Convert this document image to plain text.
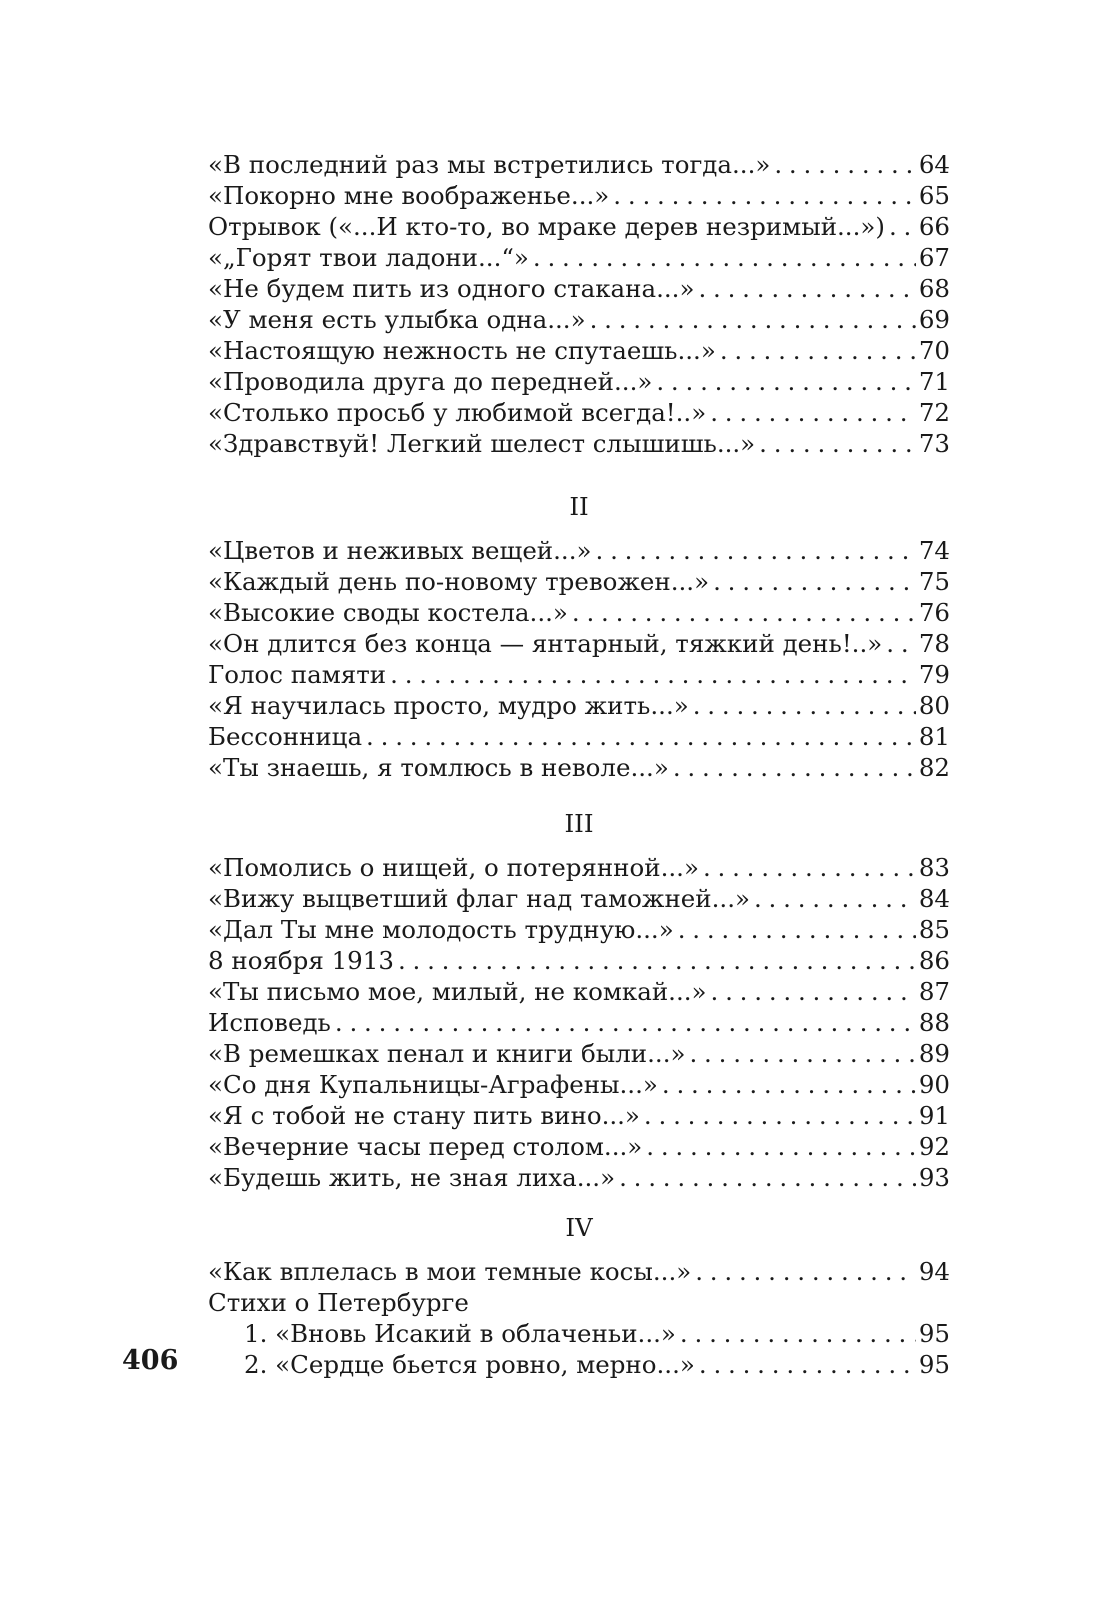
«В последний раз мы встретились тогда...» . . .	64
«Покорно мне воображенье...» . . .	65
Отрывок («...И кто-то, во мраке дерев незримый...») . . . 66
«„Горят твои ладони...“» . . .	67
«Не будем пить из одного стакана...» . . .	68
«У меня есть улыбка одна...» . . .	69
«Настоящую нежность не спутаешь...» . . .	70
«Проводила друга до передней...» . . .	71
«Столько просьб у любимой всегда!..» . . .	72
«Здравствуй! Легкий шелест слышишь...» . . .	73
II
«Цветов и неживых вещей...» . . .	74
«Каждый день по-новому тревожен...» . . .	75
«Высокие своды костела...» . . .	76
«Он длится без конца — янтарный, тяжкий день!..» . . . 78
Голос памяти . . .	79
«Я научилась просто, мудро жить...» . . .	80
Бессонница . . .	81
«Ты знаешь, я томлюсь в неволе...» . . .	82
III
«Помолись о нищей, о потерянной...» . . .	83
«Вижу выцветший флаг над таможней...» . . .	84
«Дал Ты мне молодость трудную...» . . .	85
8 ноября 1913 . . .	86
«Ты письмо мое, милый, не комкай...» . . .	87
Исповедь . . .	88
«В ремешках пенал и книги были...» . . .	89
«Со дня Купальницы-Аграфены...» . . .	90
«Я с тобой не стану пить вино...» . . .	91
«Вечерние часы перед столом...» . . .	92
«Будешь жить, не зная лиха...» . . .	93
IV
«Как вплелась в мои темные косы...» . . .	94
Стихи о Петербурге
1. «Вновь Исакий в облаченьи...» . . .	95
2. «Сердце бьется ровно, мерно...» . . .	95
406
